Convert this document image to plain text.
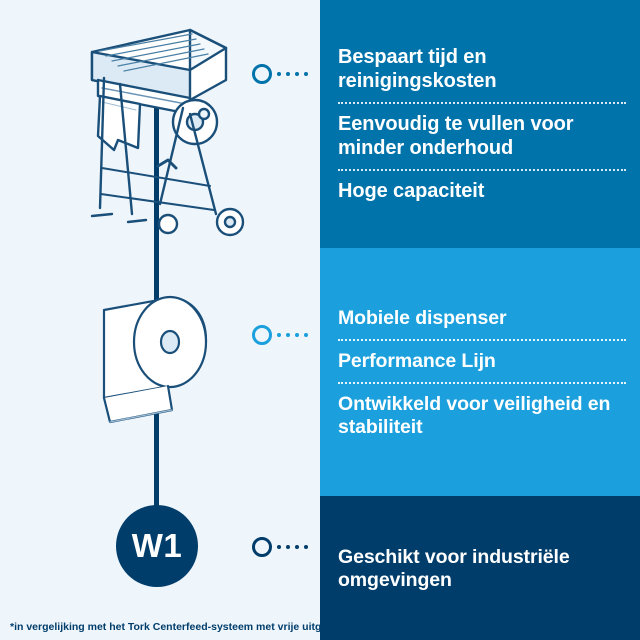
W1
Bespaart tijd en reinigingskosten
Eenvoudig te vullen voor minder onderhoud
Hoge capaciteit
Mobiele dispenser
Performance Lijn
Ontwikkeld voor veiligheid en stabiliteit
Geschikt voor industriële omgevingen
*in vergelijking met het Tork Centerfeed-systeem met vrije uitgifte
